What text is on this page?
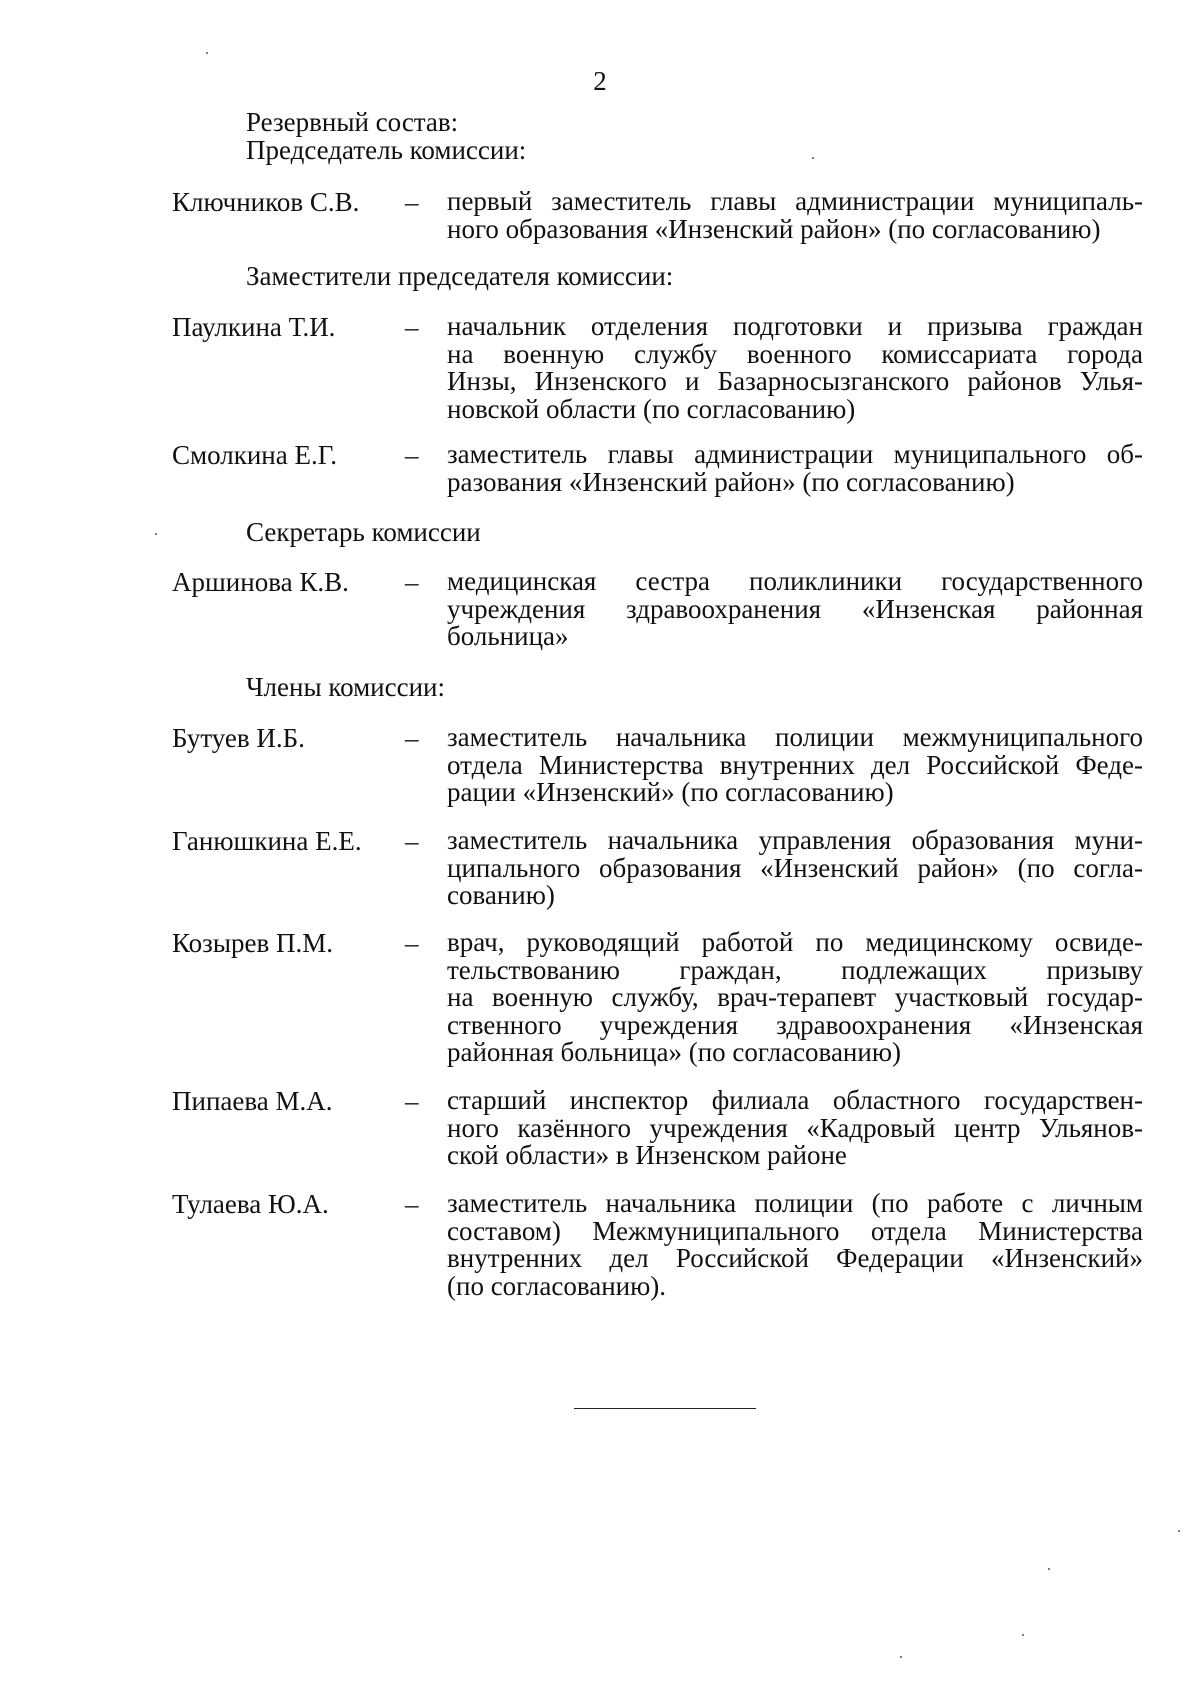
2
Резервный состав:
Председатель комиссии:
Ключников С.В. – первый заместитель главы администрации муниципаль-
ного образования «Инзенский район» (по согласованию)
Заместители председателя комиссии:
Паулкина Т.И.	– начальник отделения подготовки и призыва граждан
на военную службу военного комиссариата города
Инзы, Инзенского и Базарносызганского районов Улья-
новской области (по согласованию)
Смолкина Е.Г.	– заместитель главы администрации муниципального об-
разования «Инзенский район» (по согласованию)
Секретарь комиссии
Аршинова К.В. – медицинская сестра поликлиники государственного
учреждения здравоохранения «Инзенская районная
больница»
Члены комиссии:
Бутуев И.Б.	– заместитель начальника полиции межмуниципального
отдела Министерства внутренних дел Российской Феде-
рации «Инзенский» (по согласованию)
Ганюшкина Е.Е. – заместитель начальника управления образования муни-
ципального образования «Инзенский район» (по согла-
сованию)
Козырев П.М.	– врач, руководящий работой по медицинскому освиде-
тельствованию граждан, подлежащих призыву
на военную службу, врач-терапевт участковый государ-
ственного учреждения здравоохранения «Инзенская
районная больница» (по согласованию)
Пипаева М.А.	– старший инспектор филиала областного государствен-
ного казённого учреждения «Кадровый центр Ульянов-
ской области» в Инзенском районе
Тулаева Ю.А.	– заместитель начальника полиции (по работе с личным
составом) Межмуниципального отдела Министерства
внутренних дел Российской Федерации «Инзенский»
(по согласованию).
